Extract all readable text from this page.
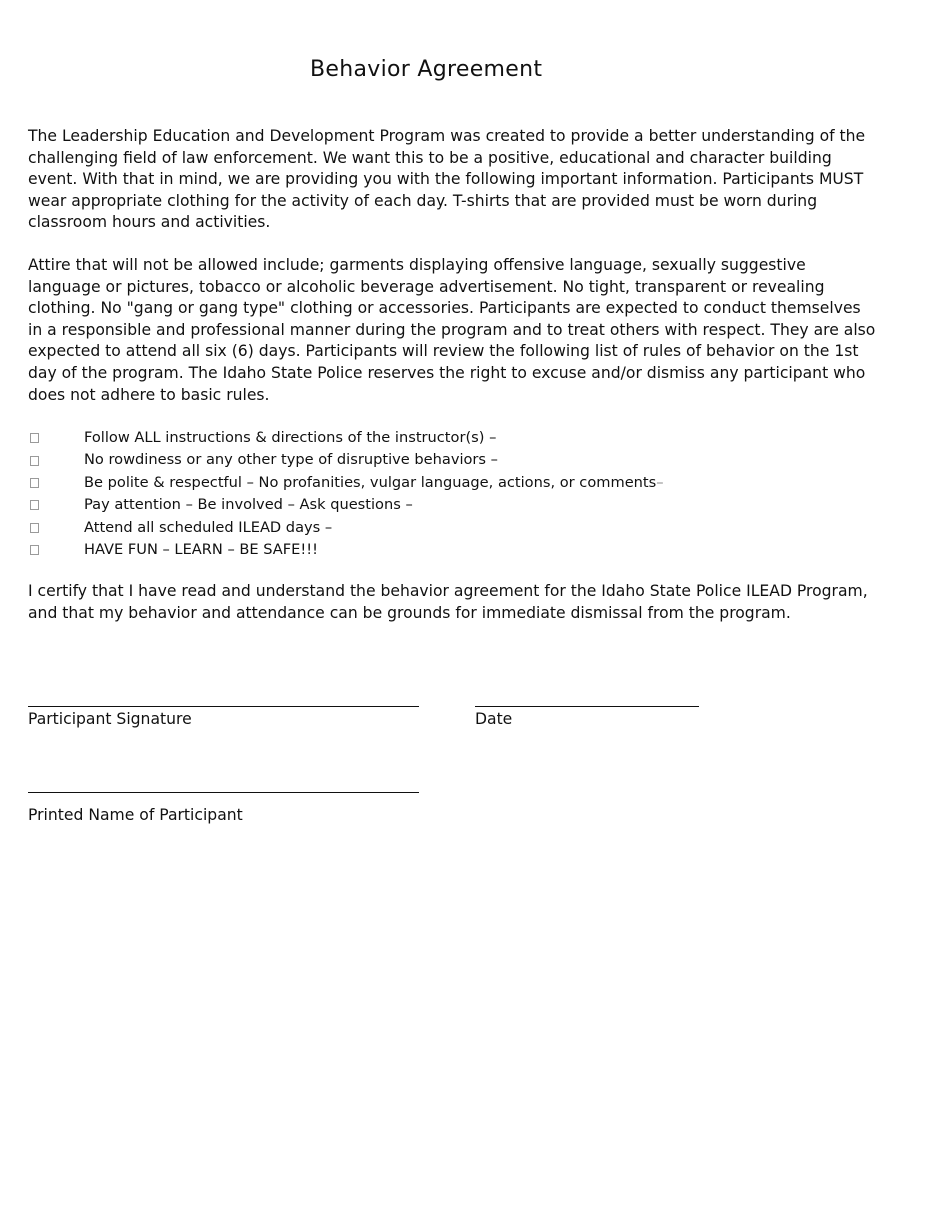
Behavior Agreement

The Leadership Education and Development Program was created to provide a better understanding of the challenging field of law enforcement. We want this to be a positive, educational and character building event. With that in mind, we are providing you with the following important information. Participants MUST wear appropriate clothing for the activity of each day. T-shirts that are provided must be worn during classroom hours and activities.

Attire that will not be allowed include; garments displaying offensive language, sexually suggestive language or pictures, tobacco or alcoholic beverage advertisement. No tight, transparent or revealing clothing. No "gang or gang type" clothing or accessories. Participants are expected to conduct themselves in a responsible and professional manner during the program and to treat others with respect. They are also expected to attend all six (6) days. Participants will review the following list of rules of behavior on the 1st day of the program. The Idaho State Police reserves the right to excuse and/or dismiss any participant who does not adhere to basic rules.

Follow ALL instructions & directions of the instructor(s) –
No rowdiness or any other type of disruptive behaviors –
Be polite & respectful – No profanities, vulgar language, actions, or comments –
Pay attention – Be involved – Ask questions –
Attend all scheduled ILEAD days –
HAVE FUN – LEARN – BE SAFE!!!

I certify that I have read and understand the behavior agreement for the Idaho State Police ILEAD Program, and that my behavior and attendance can be grounds for immediate dismissal from the program.

Participant Signature	Date
Printed Name of Participant
